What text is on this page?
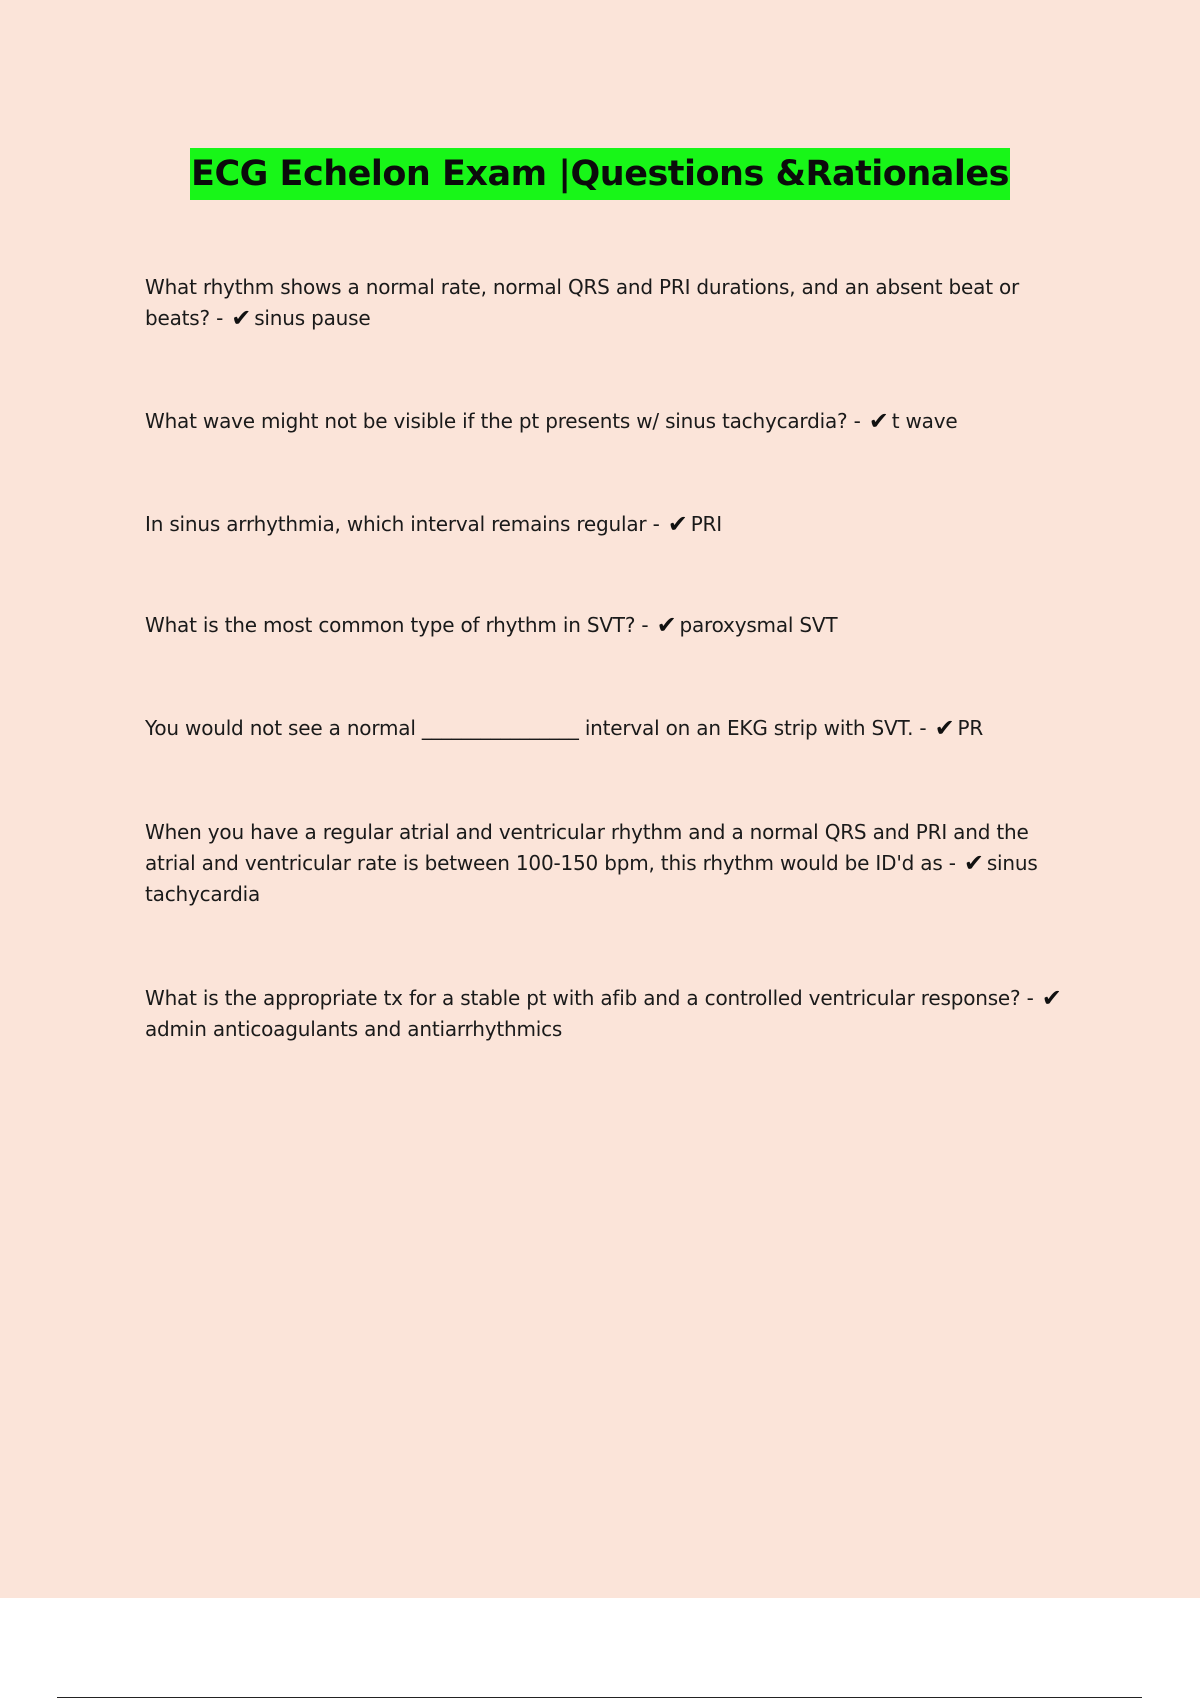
ECG Echelon Exam |Questions &Rationales

What rhythm shows a normal rate, normal QRS and PRI durations, and an absent beat or beats? - ✔ sinus pause

What wave might not be visible if the pt presents w/ sinus tachycardia? - ✔ t wave

In sinus arrhythmia, which interval remains regular - ✔ PRI

What is the most common type of rhythm in SVT? - ✔ paroxysmal SVT

You would not see a normal ________________ interval on an EKG strip with SVT. - ✔ PR

When you have a regular atrial and ventricular rhythm and a normal QRS and PRI and the atrial and ventricular rate is between 100-150 bpm, this rhythm would be ID'd as - ✔ sinus tachycardia

What is the appropriate tx for a stable pt with afib and a controlled ventricular response? - ✔admin anticoagulants and antiarrhythmics
